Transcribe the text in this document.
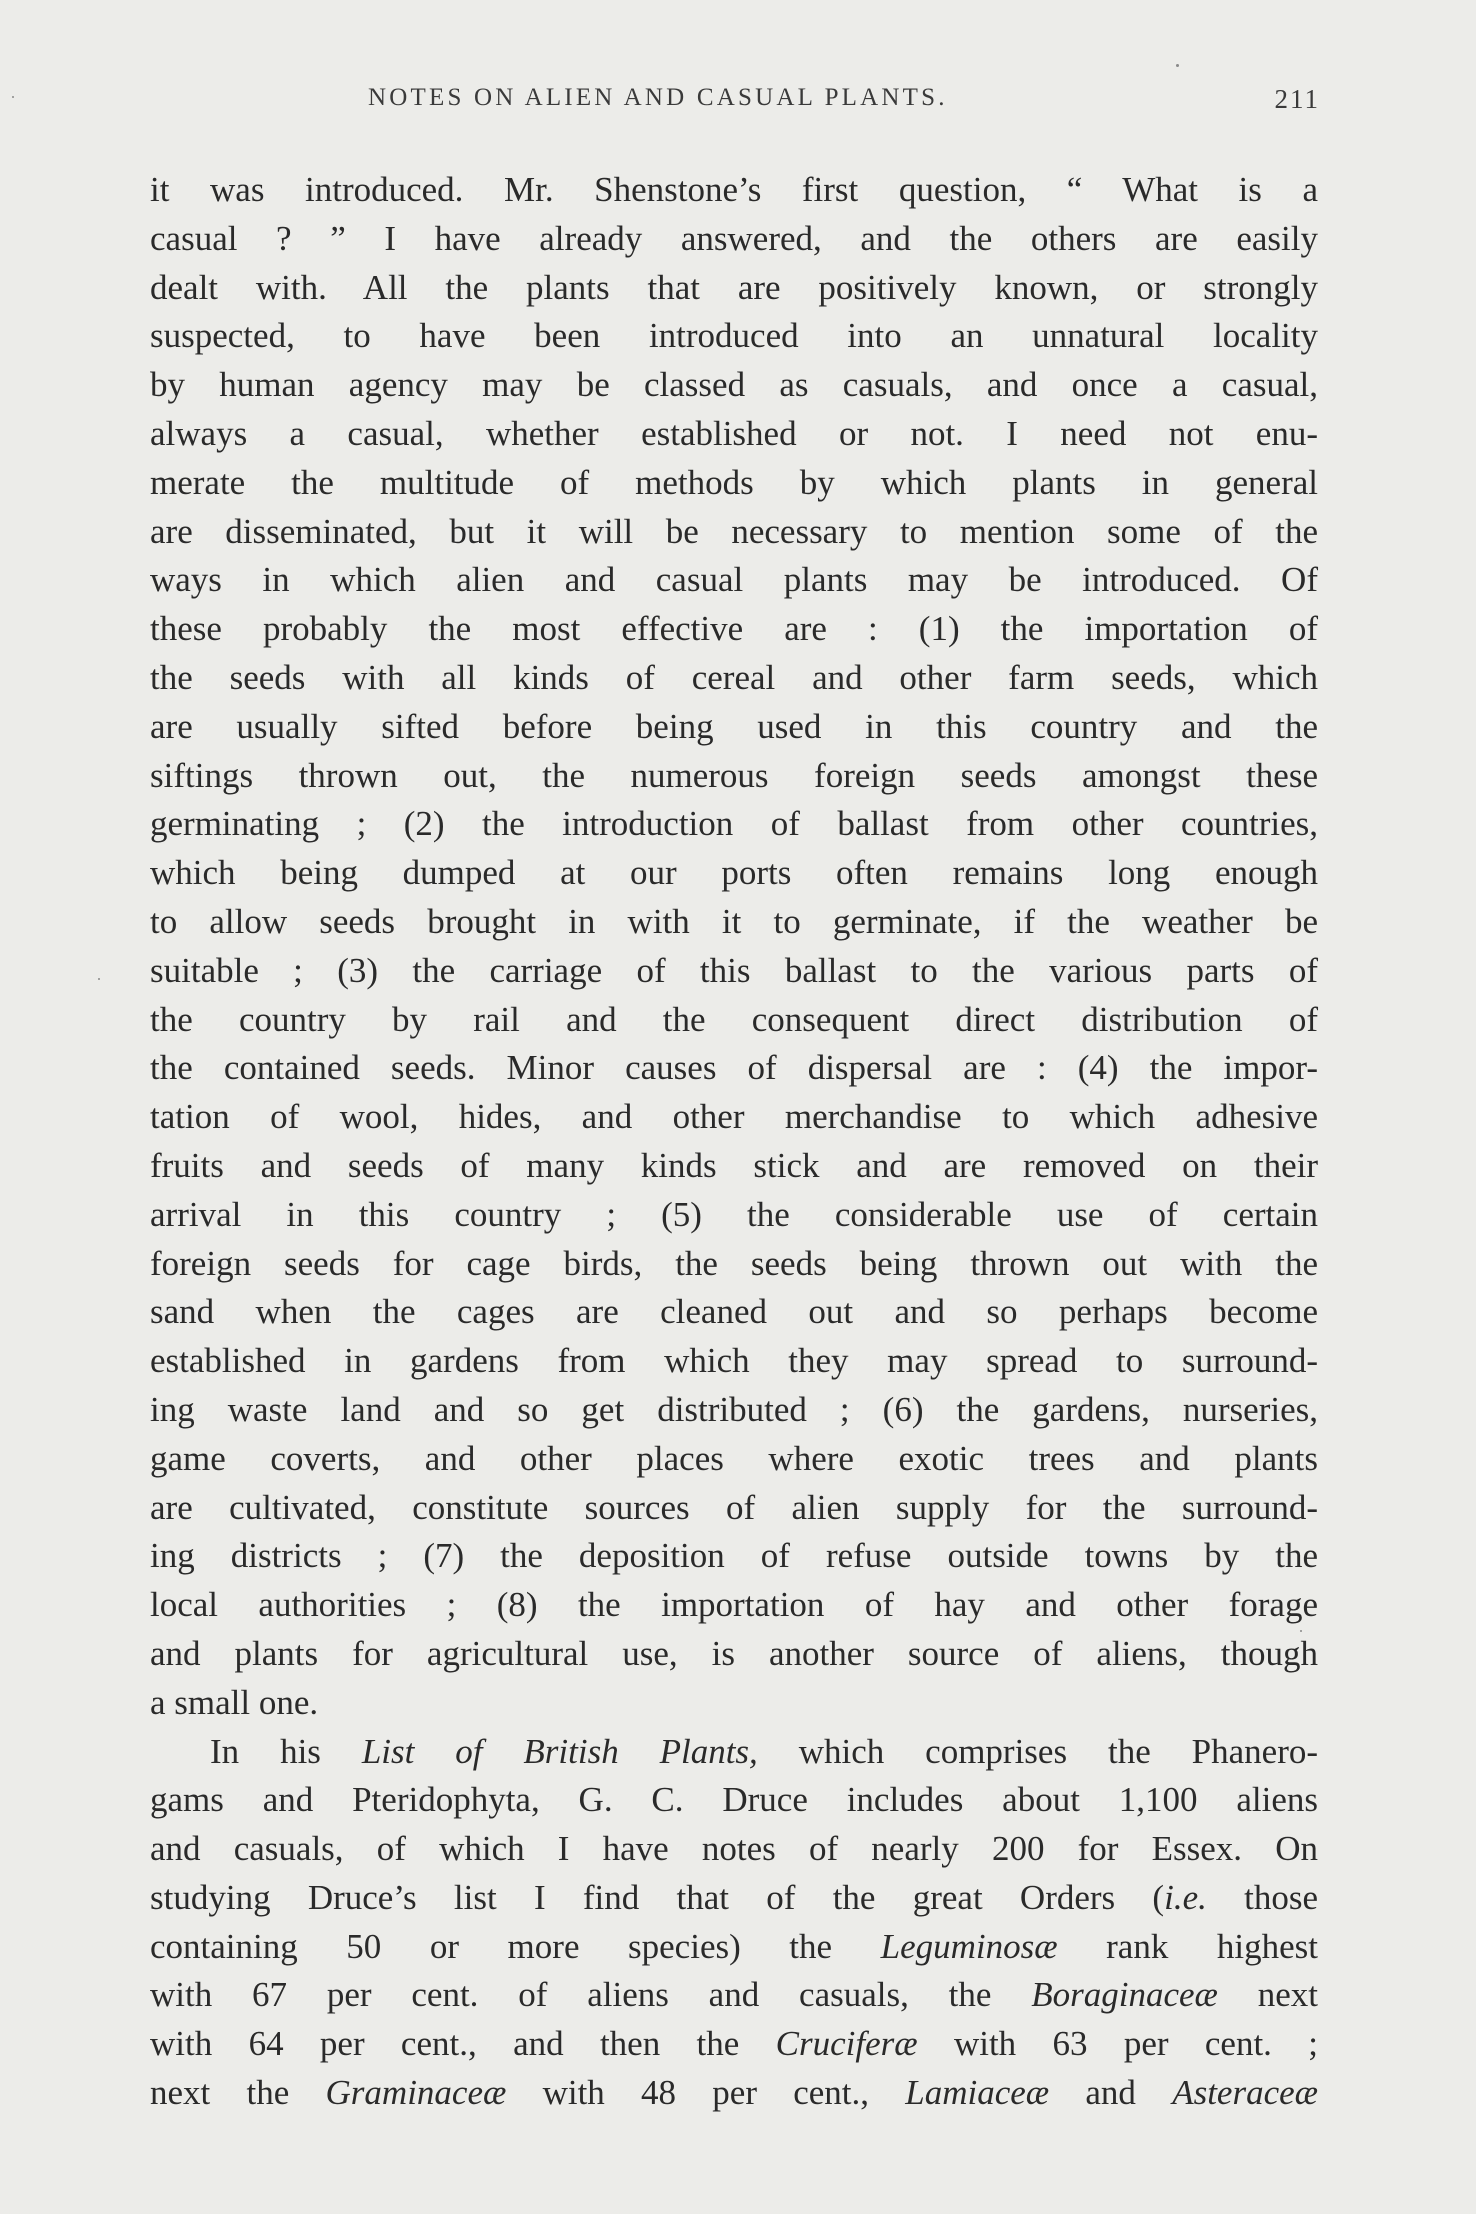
NOTES ON ALIEN AND CASUAL PLANTS.	211
it was introduced. Mr. Shenstone’s first question, “ What is a
casual ? ” I have already answered, and the others are easily
dealt with. All the plants that are positively known, or strongly
suspected, to have been introduced into an unnatural locality
by human agency may be classed as casuals, and once a casual,
always a casual, whether established or not. I need not enu-
merate the multitude of methods by which plants in general
are disseminated, but it will be necessary to mention some of the
ways in which alien and casual plants may be introduced. Of
these probably the most effective are : (1) the importation of
the seeds with all kinds of cereal and other farm seeds, which
are usually sifted before being used in this country and the
siftings thrown out, the numerous foreign seeds amongst these
germinating ; (2) the introduction of ballast from other countries,
which being dumped at our ports often remains long enough
to allow seeds brought in with it to germinate, if the weather be
suitable ; (3) the carriage of this ballast to the various parts of
the country by rail and the consequent direct distribution of
the contained seeds. Minor causes of dispersal are : (4) the impor-
tation of wool, hides, and other merchandise to which adhesive
fruits and seeds of many kinds stick and are removed on their
arrival in this country ; (5) the considerable use of certain
foreign seeds for cage birds, the seeds being thrown out with the
sand when the cages are cleaned out and so perhaps become
established in gardens from which they may spread to surround-
ing waste land and so get distributed ; (6) the gardens, nurseries,
game coverts, and other places where exotic trees and plants
are cultivated, constitute sources of alien supply for the surround-
ing districts ; (7) the deposition of refuse outside towns by the
local authorities ; (8) the importation of hay and other forage
and plants for agricultural use, is another source of aliens, though
a small one.
In his List of British Plants, which comprises the Phanero-
gams and Pteridophyta, G. C. Druce includes about 1,100 aliens
and casuals, of which I have notes of nearly 200 for Essex. On
studying Druce’s list I find that of the great Orders (i.e. those
containing 50 or more species) the Leguminosæ rank highest
with 67 per cent. of aliens and casuals, the Boraginaceæ next
with 64 per cent., and then the Cruciferæ with 63 per cent. ;
next the Graminaceæ with 48 per cent., Lamiaceæ and Asteraceæ
